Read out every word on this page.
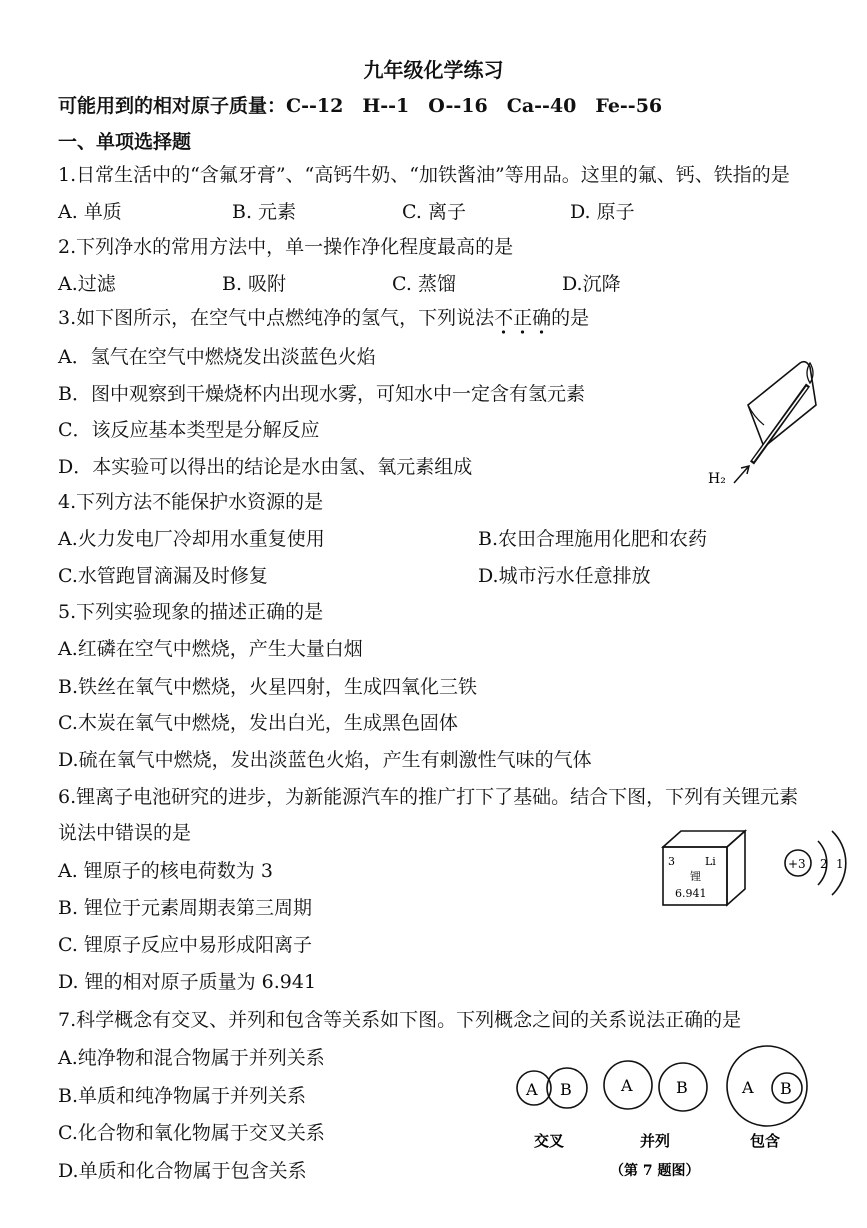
九年级化学练习
可能用到的相对原子质量：C--12　H--1　O--16　Ca--40　Fe--56
一、单项选择题
1.日常生活中的“含氟牙膏”、“高钙牛奶、“加铁酱油”等用品。这里的氟、钙、铁指的是
A. 单质	B. 元素	C. 离子	D. 原子
2.下列净水的常用方法中，单一操作净化程度最高的是
A.过滤	B. 吸附	C. 蒸馏	D.沉降
3.如下图所示，在空气中点燃纯净的氢气，下列说法不正确
的是
A．氢气在空气中燃烧发出淡蓝色火焰
B．图中观察到干燥烧杯内出现水雾，可知水中一定含有氢元素
C．该反应基本类型是分解反应
D．本实验可以得出的结论是水由氢、氧元素组成
H₂
4.下列方法不能保护水资源的是
A.火力发电厂冷却用水重复使用	B.农田合理施用化肥和农药
C.水管跑冒滴漏及时修复	D.城市污水任意排放
5.下列实验现象的描述正确的是
A.红磷在空气中燃烧，产生大量白烟
B.铁丝在氧气中燃烧，火星四射，生成四氧化三铁
C.木炭在氧气中燃烧，发出白光，生成黑色固体
D.硫在氧气中燃烧，发出淡蓝色火焰，产生有刺激性气味的气体
6.锂离子电池研究的进步，为新能源汽车的推广打下了基础。结合下图，下列有关锂元素
说法中错误的是
A. 锂原子的核电荷数为 3
B. 锂位于元素周期表第三周期
C. 锂原子反应中易形成阳离子
D. 锂的相对原子质量为 6.941
3	Li
锂
6.941
+3 2 1
7.科学概念有交叉、并列和包含等关系如下图。下列概念之间的关系说法正确的是
A.纯净物和混合物属于并列关系
B.单质和纯净物属于并列关系
C.化合物和氧化物属于交叉关系
D.单质和化合物属于包含关系
A B
交叉
A	B
并列
A B
包含
（第 7 题图）
